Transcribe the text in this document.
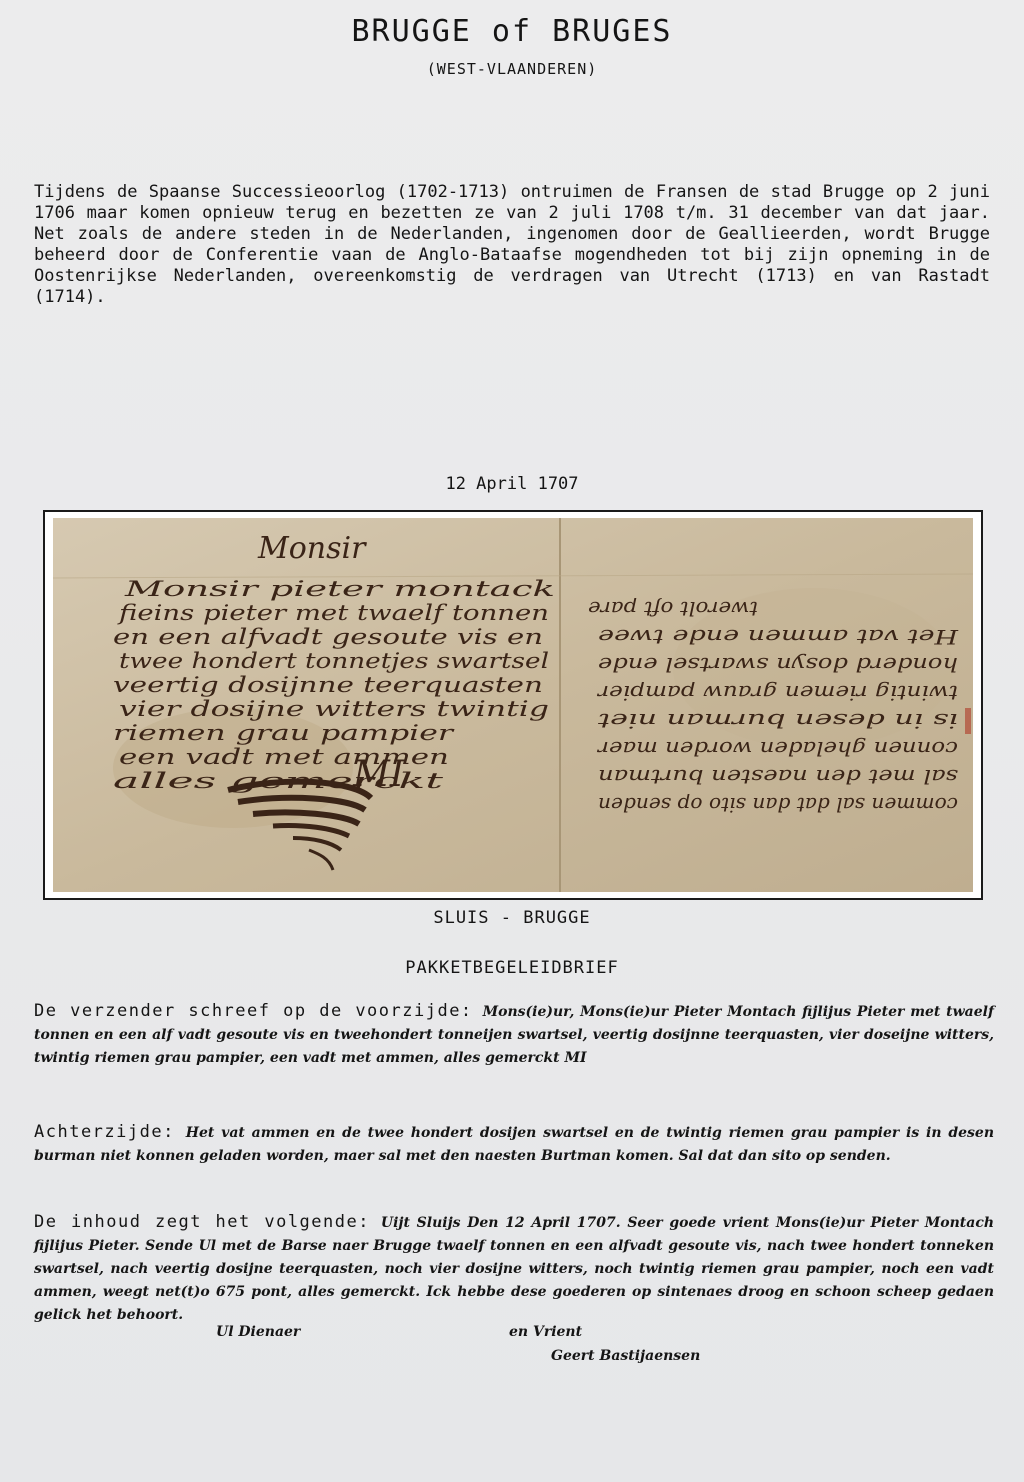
BRUGGE of BRUGES
(WEST-VLAANDEREN)
Tijdens de Spaanse Successieoorlog (1702-1713) ontruimen de Fransen de stad Brugge op 2 juni 1706 maar komen opnieuw terug en bezetten ze van 2 juli 1708 t/m. 31 december van dat jaar. Net zoals de andere steden in de Nederlanden, ingenomen door de Geallieerden, wordt Brugge beheerd door de Conferentie vaan de Anglo-Bataafse mogendheden tot bij zijn opneming in de Oostenrijkse Nederlanden, overeenkomstig de verdragen van Utrecht (1713) en van Rastadt (1714).
12 April 1707
Monsir
Monsir pieter montack
fieins pieter met twaelf tonnen
en een alfvadt gesoute vis en
twee hondert tonnetjes swartsel
veertig dosijnne teerquasten
vier dosijne witters twintig
riemen grau pampier
een vadt met ammen
alles gemerckt
MI
twerolt oft pare
Het vat ammen ende twee
honderd dosyn swartsel ende
twintig riemen grauw pampier
is in desen burman niet
connen gheladen worden maer
sal met den naesten burtman
commen sal dat dan sito op senden
SLUIS - BRUGGE
PAKKETBEGELEIDBRIEF
De verzender schreef op de voorzijde: Mons(ie)ur, Mons(ie)ur Pieter Montach fijlijus Pieter met twaelf tonnen en een alf vadt gesoute vis en tweehondert tonneijen swartsel, veertig dosijnne teerquasten, vier doseijne witters, twintig riemen grau pampier, een vadt met ammen, alles gemerckt MI
Achterzijde: Het vat ammen en de twee hondert dosijen swartsel en de twintig riemen grau pampier is in desen burman niet konnen geladen worden, maer sal met den naesten Burtman komen. Sal dat dan sito op senden.
De inhoud zegt het volgende: Uijt Sluijs Den 12 April 1707. Seer goede vrient Mons(ie)ur Pieter Montach fijlijus Pieter. Sende Ul met de Barse naer Brugge twaelf tonnen en een alfvadt gesoute vis, nach twee hondert tonneken swartsel, nach veertig dosijne teerquasten, noch vier dosijne witters, noch twintig riemen grau pampier, noch een vadt ammen, weegt net(t)o 675 pont, alles gemerckt. Ick hebbe dese goederen op sintenaes droog en schoon scheep gedaen gelick het behoort.
Ul Dienaer	en Vrient
Geert Bastijaensen
